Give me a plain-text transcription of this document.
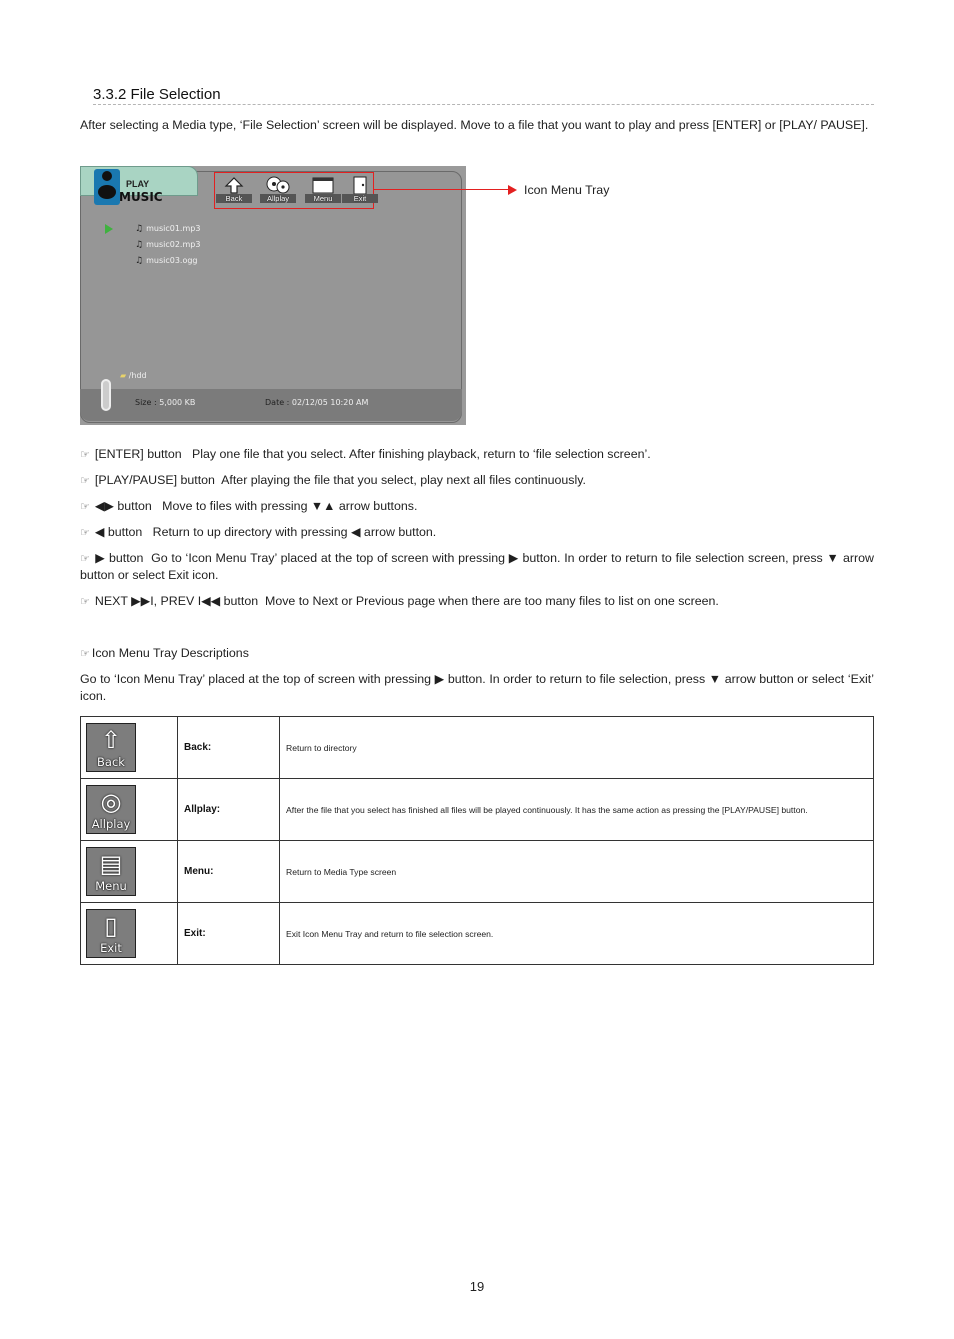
3.3.2 File Selection
After selecting a Media type, ‘File Selection’ screen will be displayed. Move to a file that you want to play and press [ENTER] or [PLAY/ PAUSE].
PLAY
MUSIC	Back	Allplay	Menu	Exit
♫ music01.mp3
♫ music02.mp3
♫ music03.ogg
▰ /hdd
Size : 5,000 KB	Date : 02/12/05 10:20 AM
Icon Menu Tray
☞ [ENTER] button Play one file that you select. After finishing playback, return to ‘file selection screen’.
☞ [PLAY/PAUSE] button After playing the file that you select, play next all files continuously.
☞ ◀▶ button Move to files with pressing ▼▲ arrow buttons.
☞ ◀ button Return to up directory with pressing ◀ arrow button.
☞ ▶ button Go to ‘Icon Menu Tray’ placed at the top of screen with pressing ▶ button. In order to return to file selection screen, press ▼ arrow button or select Exit icon.
☞ NEXT ▶▶I, PREV I◀◀ button Move to Next or Previous page when there are too many files to list on one screen.
☞ Icon Menu Tray Descriptions
Go to ‘Icon Menu Tray’ placed at the top of screen with pressing ▶ button. In order to return to file selection, press ▼ arrow button or select ‘Exit’ icon.
⇧
Back	Back:	Return to directory

◎
Allplay	Allplay:	After the file that you select has finished all files will be played continuously. It has the same action as pressing the [PLAY/PAUSE] button.

▤
Menu	Menu:	Return to Media Type screen

▯
Exit	Exit:	Exit Icon Menu Tray and return to file selection screen.
19
